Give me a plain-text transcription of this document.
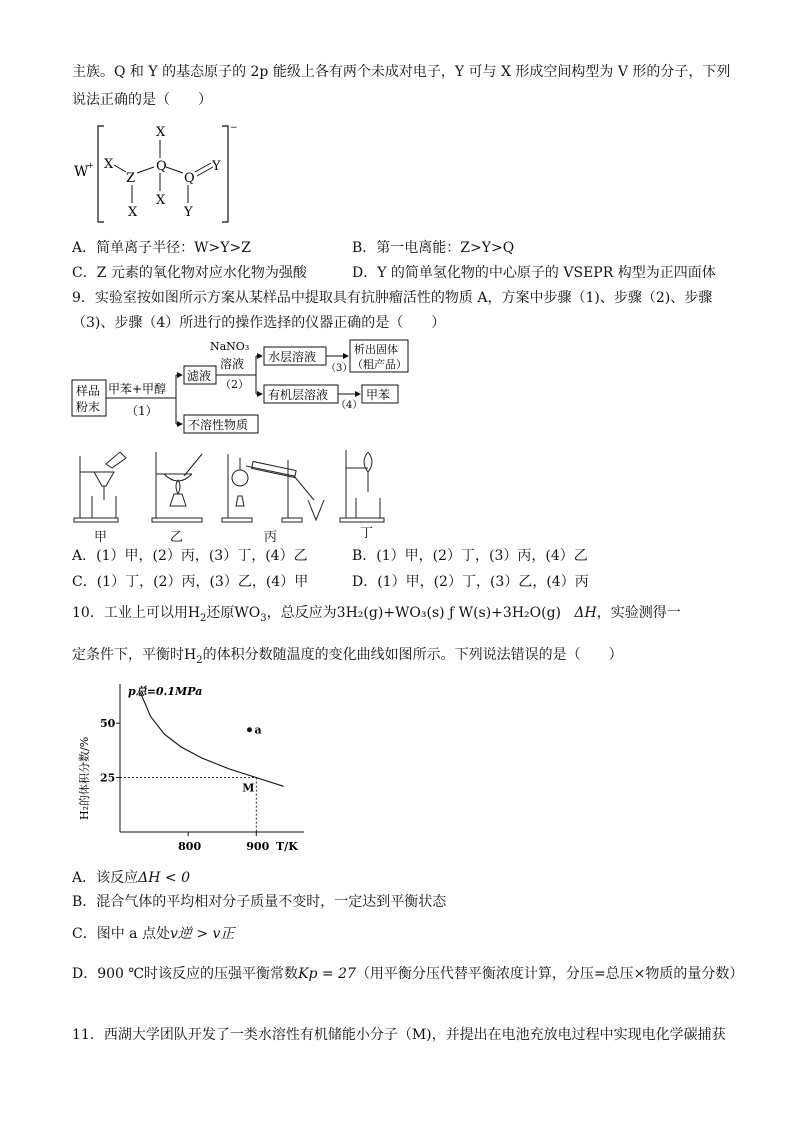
主族。Q 和 Y 的基态原子的 2p 能级上各有两个未成对电子，Y 可与 X 形成空间构型为 V 形的分子，下列
说法正确的是（　　）
W
+
−
X
Q
X
X
Z
X
Q
Y
Y
A．简单离子半径：W>Y>Z	B．第一电离能：Z>Y>Q
C．Z 元素的氧化物对应水化物为强酸	D．Y 的简单氢化物的中心原子的 VSEPR 构型为正四面体
9．实验室按如图所示方案从某样品中提取具有抗肿瘤活性的物质 A，方案中步骤（1)、步骤（2)、步骤
（3)、步骤（4）所进行的操作选择的仪器正确的是（　　）
样品
粉末
甲苯+甲醇
（1）
滤液
不溶性物质
NaNO₃
溶液
（2）
水层溶液
有机层溶液
（3）
析出固体
（粗产品）
（4）
甲苯
甲	乙	丙	丁
A．(1）甲，(2）丙，(3）丁，(4）乙	B．(1）甲，(2）丁，(3）丙，(4）乙
C．(1）丁，(2）丙，(3）乙，(4）甲	D．(1）甲，(2）丁，(3）乙，(4）丙
10．工业上可以用$H_2$还原$WO_3$，总反应为3H₂(g)+WO₃(s) ƒ W(s)+3H₂O(g) ΔH，实验测得一
定条件下，平衡时$H_2$的体积分数随温度的变化曲线如图所示。下列说法错误的是（　　）
p总=0.1MPa
H₂的体积分数/%
T/K
800	900
25
50
a
M
A．该反应ΔH < 0
B．混合气体的平均相对分子质量不变时，一定达到平衡状态
C．图中 a 点处v逆 > v正
D．900 ℃时该反应的压强平衡常数Kp = 27（用平衡分压代替平衡浓度计算，分压=总压×物质的量分数）
11．西湖大学团队开发了一类水溶性有机储能小分子（M)，并提出在电池充放电过程中实现电化学碳捕获
